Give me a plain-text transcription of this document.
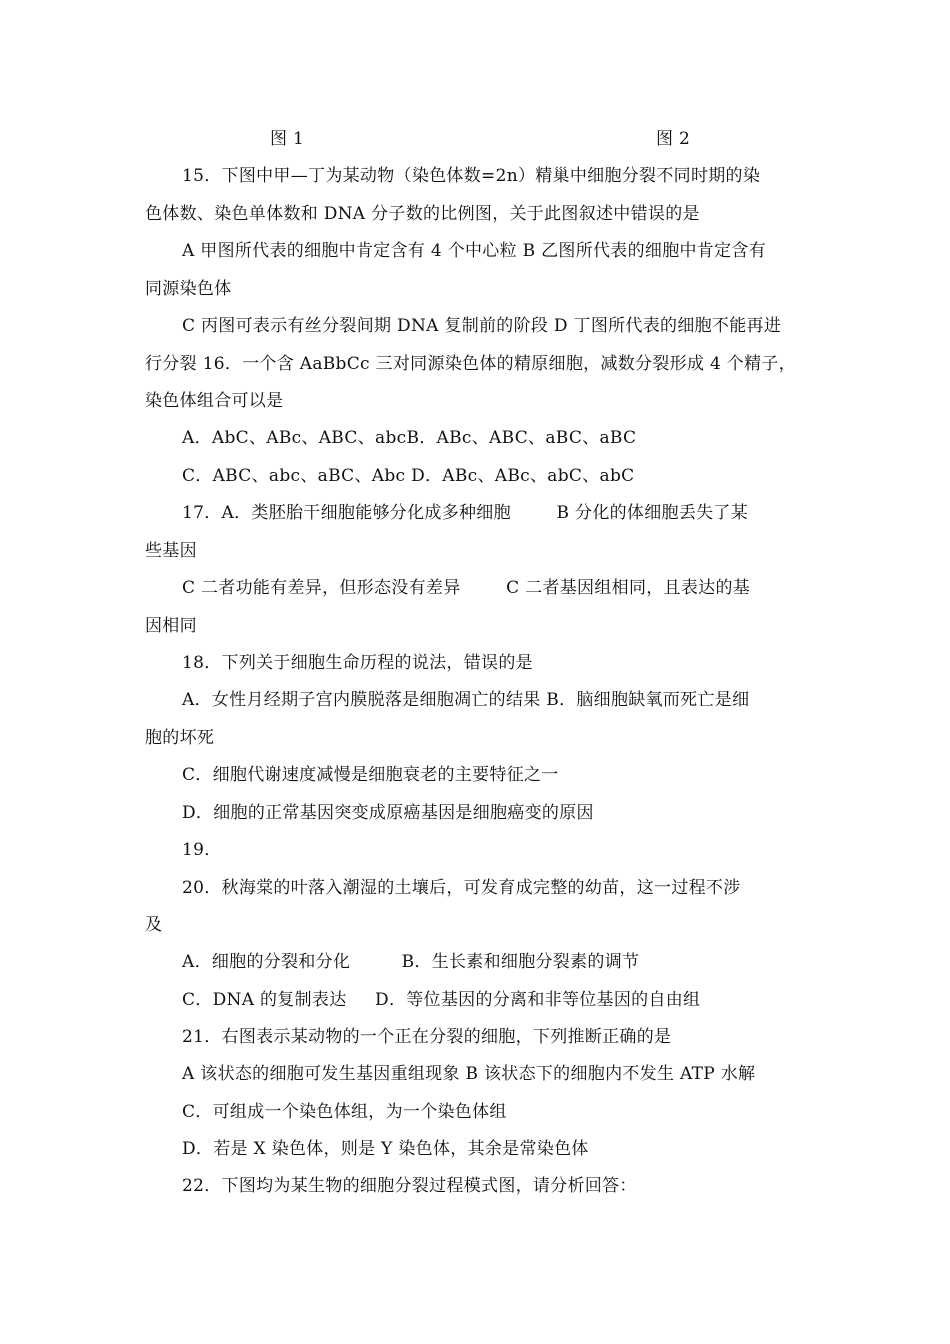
图 1	图 2
15．下图中甲—丁为某动物（染色体数=2n）精巢中细胞分裂不同时期的染
色体数、染色单体数和 DNA 分子数的比例图，关于此图叙述中错误的是
A 甲图所代表的细胞中肯定含有 4 个中心粒 B 乙图所代表的细胞中肯定含有
同源染色体
C 丙图可表示有丝分裂间期 DNA 复制前的阶段 D 丁图所代表的细胞不能再进
行分裂 16．一个含 AaBbCc 三对同源染色体的精原细胞，减数分裂形成 4 个精子，
染色体组合可以是
A．AbC、ABc、ABC、abcB．ABc、ABC、aBC、aBC
C．ABC、abc、aBC、Abc D．ABc、ABc、abC、abC
17．A．类胚胎干细胞能够分化成多种细胞        B 分化的体细胞丢失了某
些基因
C 二者功能有差异，但形态没有差异        C 二者基因组相同，且表达的基
因相同
18．下列关于细胞生命历程的说法，错误的是
A．女性月经期子宫内膜脱落是细胞凋亡的结果 B．脑细胞缺氧而死亡是细
胞的坏死
C．细胞代谢速度减慢是细胞衰老的主要特征之一
D．细胞的正常基因突变成原癌基因是细胞癌变的原因
19．
20．秋海棠的叶落入潮湿的土壤后，可发育成完整的幼苗，这一过程不涉
及
A．细胞的分裂和分化         B．生长素和细胞分裂素的调节
C．DNA 的复制表达     D．等位基因的分离和非等位基因的自由组
21．右图表示某动物的一个正在分裂的细胞，下列推断正确的是
A 该状态的细胞可发生基因重组现象 B 该状态下的细胞内不发生 ATP 水解
C．可组成一个染色体组，为一个染色体组
D．若是 X 染色体，则是 Y 染色体，其余是常染色体
22．下图均为某生物的细胞分裂过程模式图，请分析回答：
